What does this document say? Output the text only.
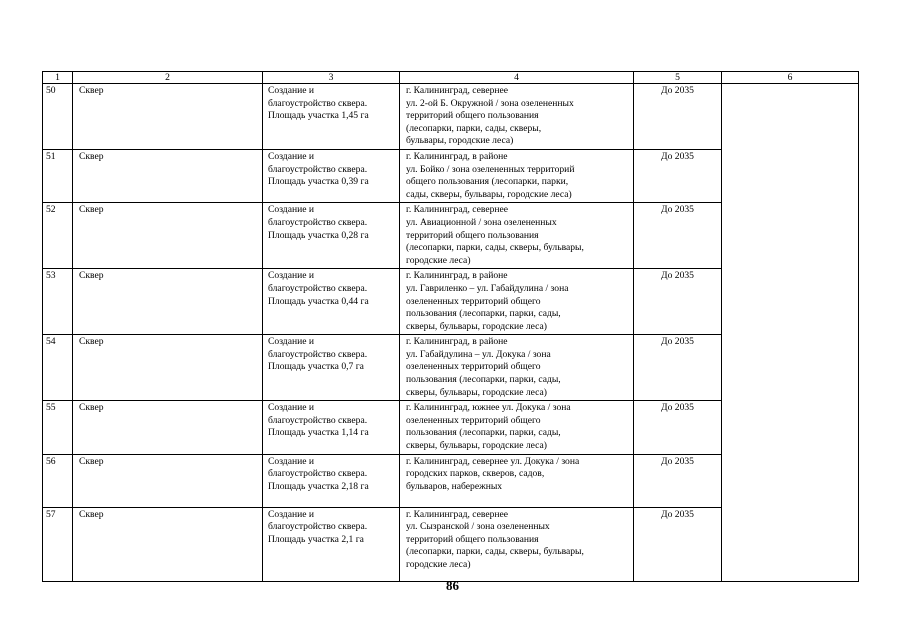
1	2	3	4	5	6
50	Сквер	Создание и
благоустройство сквера.
Площадь участка 1,45 га	г. Калининград, севернее
ул. 2-ой Б. Окружной / зона озелененных
территорий общего пользования
(лесопарки, парки, сады, скверы,
бульвары, городские леса)	До 2035	
51	Сквер	Создание и
благоустройство сквера.
Площадь участка 0,39 га	г. Калининград, в районе
ул. Бойко / зона озелененных территорий
общего пользования (лесопарки, парки,
сады, скверы, бульвары, городские леса)	До 2035	
52	Сквер	Создание и
благоустройство сквера.
Площадь участка 0,28 га	г. Калининград, севернее
ул. Авиационной / зона озелененных
территорий общего пользования
(лесопарки, парки, сады, скверы, бульвары,
городские леса)	До 2035	
53	Сквер	Создание и
благоустройство сквера.
Площадь участка 0,44 га	г. Калининград, в районе
ул. Гавриленко – ул. Габайдулина / зона
озелененных территорий общего
пользования (лесопарки, парки, сады,
скверы, бульвары, городские леса)	До 2035	
54	Сквер	Создание и
благоустройство сквера.
Площадь участка 0,7 га	г. Калининград, в районе
ул. Габайдулина – ул. Докука / зона
озелененных территорий общего
пользования (лесопарки, парки, сады,
скверы, бульвары, городские леса)	До 2035	
55	Сквер	Создание и
благоустройство сквера.
Площадь участка 1,14 га	г. Калининград, южнее ул. Докука / зона
озелененных территорий общего
пользования (лесопарки, парки, сады,
скверы, бульвары, городские леса)	До 2035	
56	Сквер	Создание и
благоустройство сквера.
Площадь участка 2,18 га	г. Калининград, севернее ул. Докука / зона
городских парков, скверов, садов,
бульваров, набережных	До 2035	
57	Сквер	Создание и
благоустройство сквера.
Площадь участка 2,1 га	г. Калининград, севернее
ул. Сызранской / зона озелененных
территорий общего пользования
(лесопарки, парки, сады, скверы, бульвары,
городские леса)	До 2035	
86
